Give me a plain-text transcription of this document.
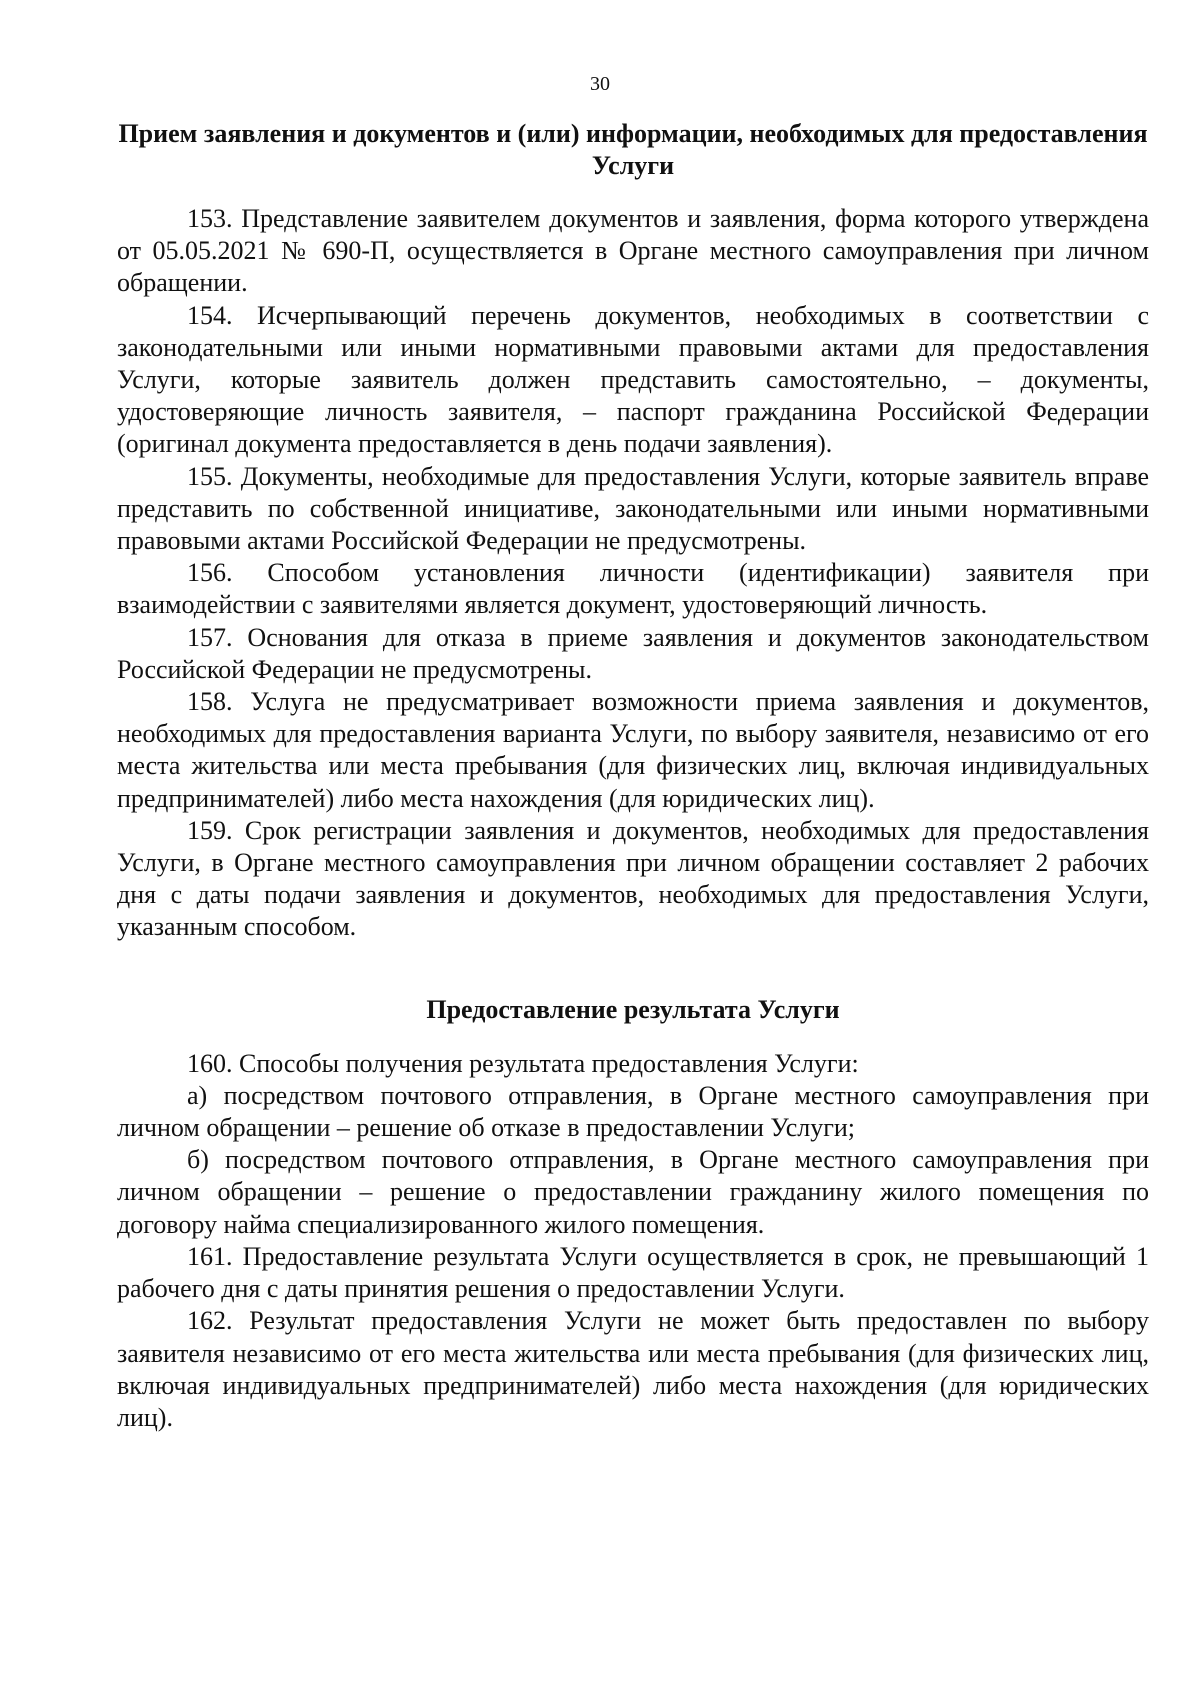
30
Прием заявления и документов и (или) информации, необходимых для предоставления Услуги

153. Представление заявителем документов и заявления, форма которого утверждена от 05.05.2021 № 690-П, осуществляется в Органе местного самоуправления при личном обращении.

154. Исчерпывающий перечень документов, необходимых в соответствии с законодательными или иными нормативными правовыми актами для предоставления Услуги, которые заявитель должен представить самостоятельно, – документы, удостоверяющие личность заявителя, – паспорт гражданина Российской Федерации (оригинал документа предоставляется в день подачи заявления).

155. Документы, необходимые для предоставления Услуги, которые заявитель вправе представить по собственной инициативе, законодательными или иными нормативными правовыми актами Российской Федерации не предусмотрены.

156. Способом установления личности (идентификации) заявителя при взаимодействии с заявителями является документ, удостоверяющий личность.

157. Основания для отказа в приеме заявления и документов законодательством Российской Федерации не предусмотрены.

158. Услуга не предусматривает возможности приема заявления и документов, необходимых для предоставления варианта Услуги, по выбору заявителя, независимо от его места жительства или места пребывания (для физических лиц, включая индивидуальных предпринимателей) либо места нахождения (для юридических лиц).

159. Срок регистрации заявления и документов, необходимых для предоставления Услуги, в Органе местного самоуправления при личном обращении составляет 2 рабочих дня с даты подачи заявления и документов, необходимых для предоставления Услуги, указанным способом.

Предоставление результата Услуги

160. Способы получения результата предоставления Услуги:

а) посредством почтового отправления, в Органе местного самоуправления при личном обращении – решение об отказе в предоставлении Услуги;

б) посредством почтового отправления, в Органе местного самоуправления при личном обращении – решение о предоставлении гражданину жилого помещения по договору найма специализированного жилого помещения.

161. Предоставление результата Услуги осуществляется в срок, не превышающий 1 рабочего дня с даты принятия решения о предоставлении Услуги.

162. Результат предоставления Услуги не может быть предоставлен по выбору заявителя независимо от его места жительства или места пребывания (для физических лиц, включая индивидуальных предпринимателей) либо места нахождения (для юридических лиц).
